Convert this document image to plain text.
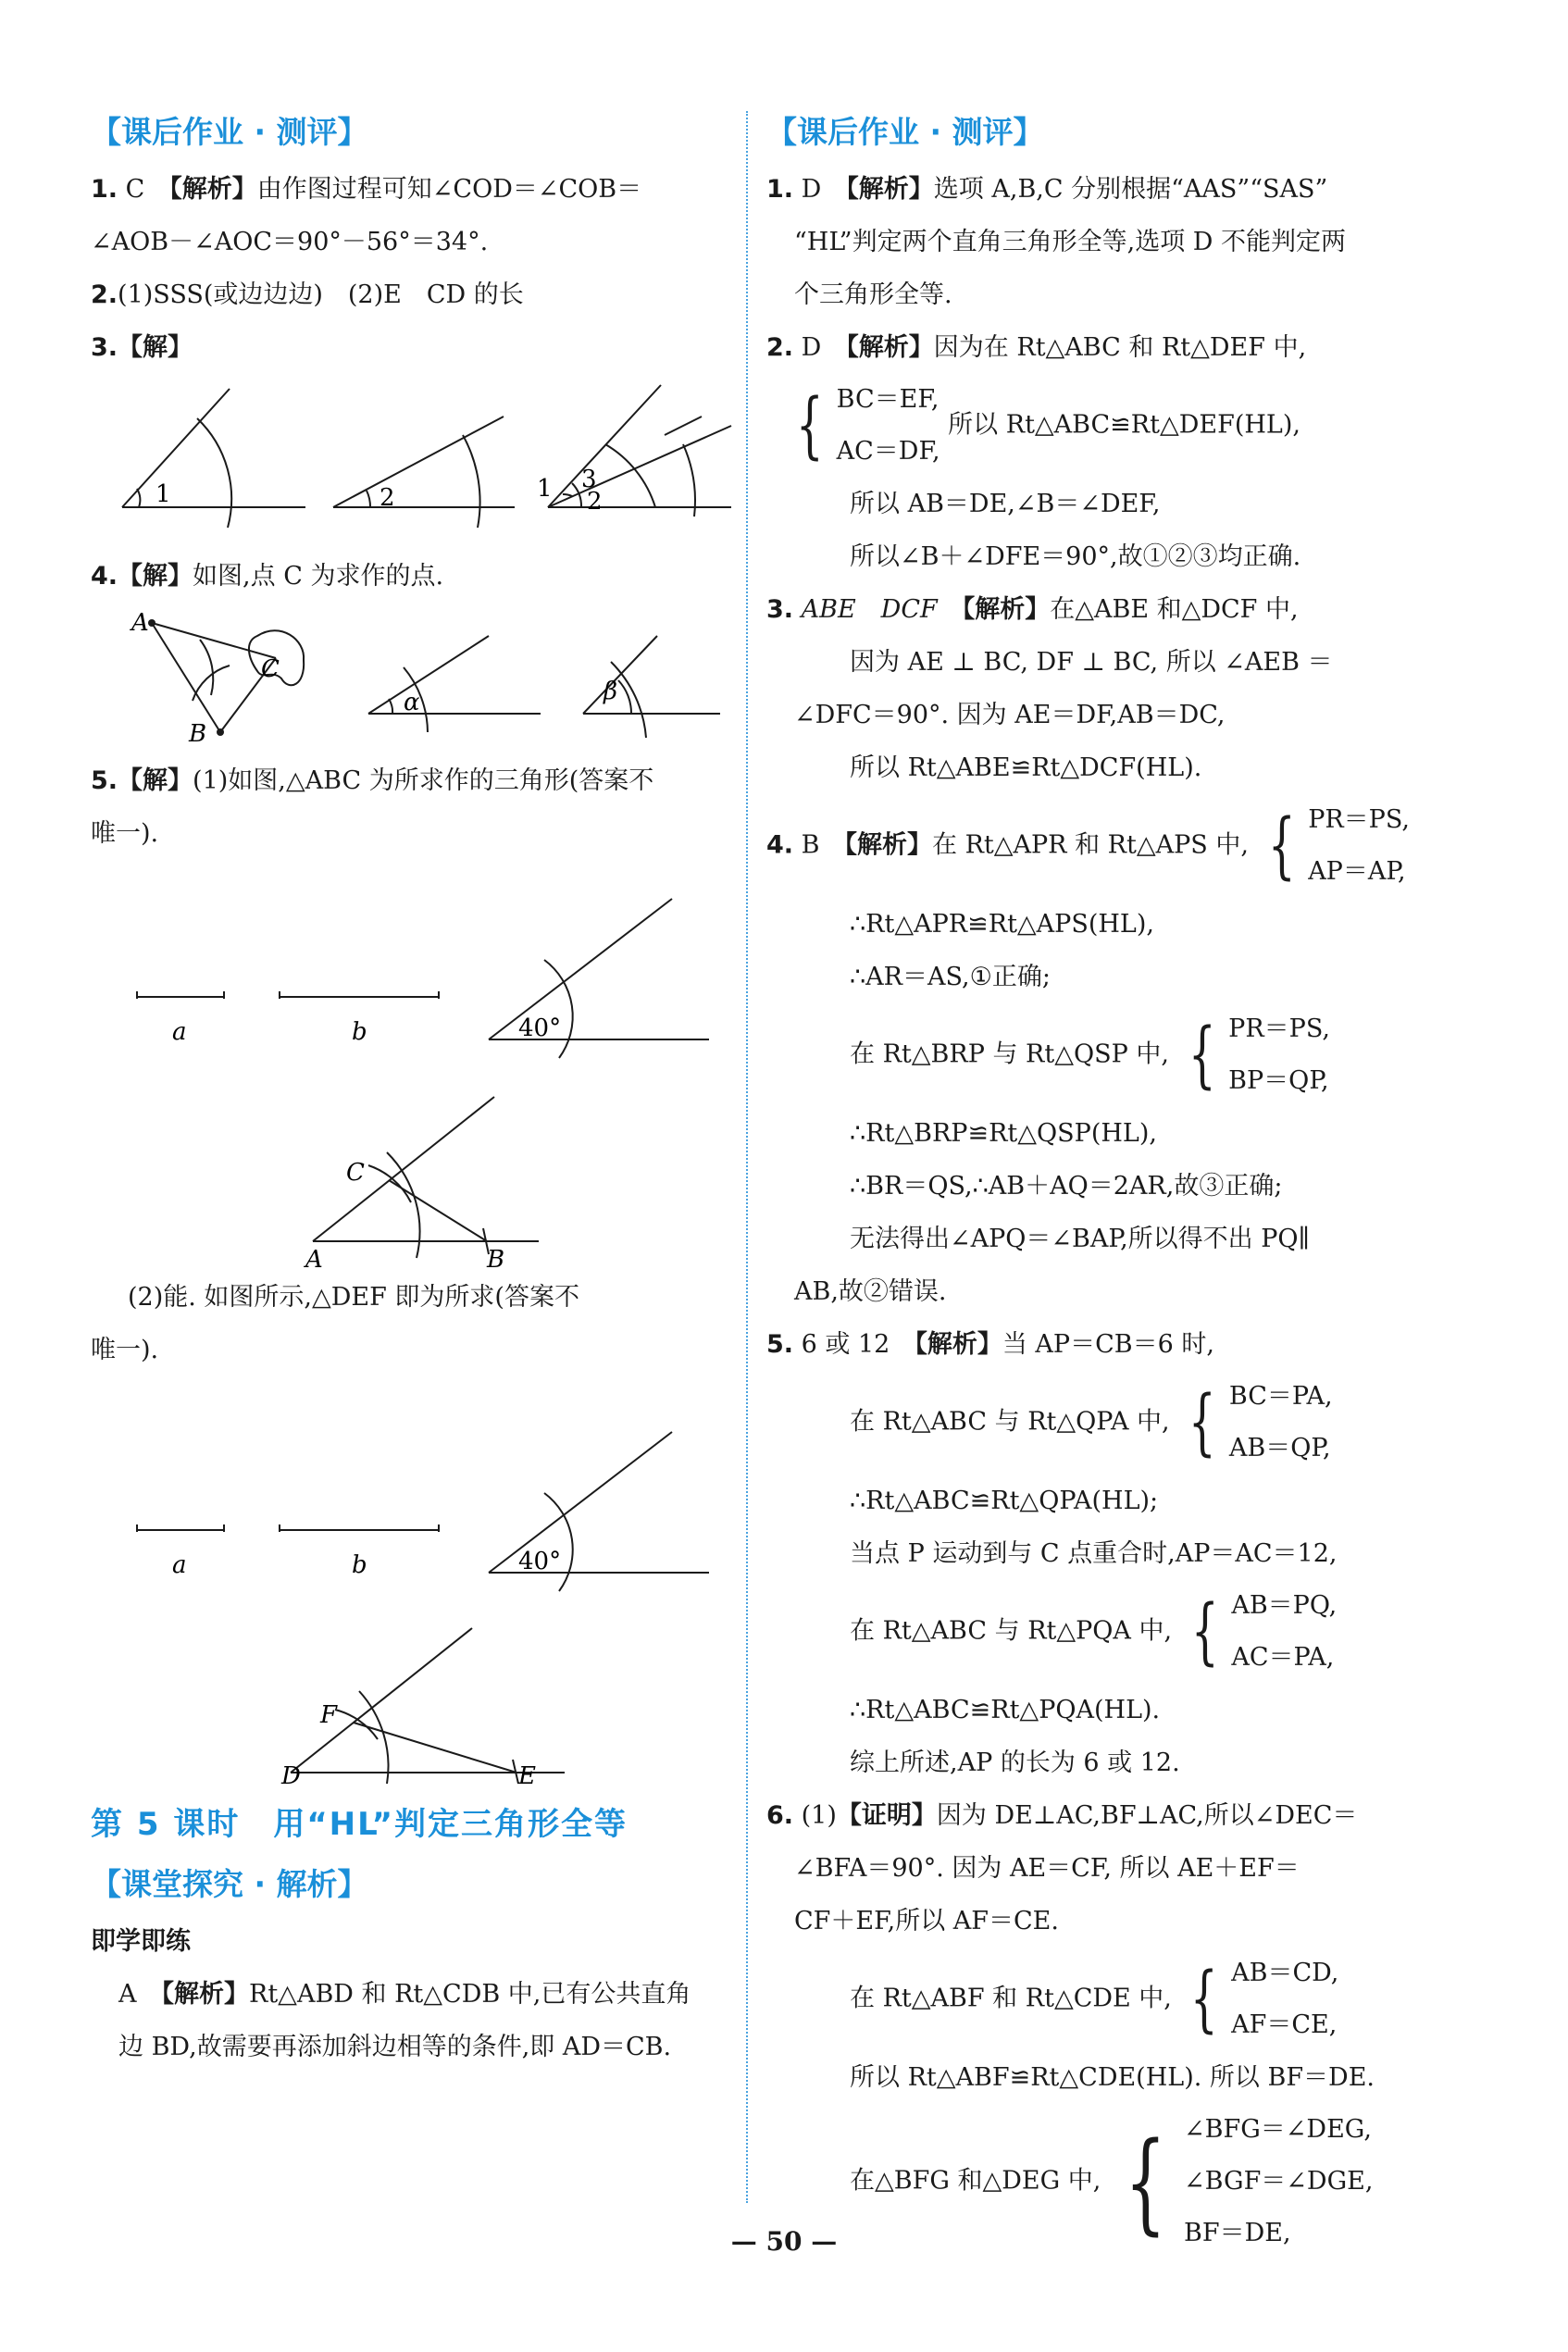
【课后作业 · 测评】
1. C　【解析】由作图过程可知∠COD＝∠COB＝
∠AOB－∠AOC＝90°－56°＝34°.
2.(1)SSS(或边边边)　(2)E　CD 的长
3.【解】
1	2	1 3
2
4.【解】如图,点 C 为求作的点.
A
B
C
α	β
5.【解】(1)如图,△ABC 为所求作的三角形(答案不
唯一).
a	b	40°
C
A	B
(2)能. 如图所示,△DEF 即为所求(答案不
唯一).
a	b	40°
F
D	E
第 5 课时　用“HL”判定三角形全等
【课堂探究 · 解析】
即学即练
A　【解析】Rt△ABD 和 Rt△CDB 中,已有公共直角
边 BD,故需要再添加斜边相等的条件,即 AD＝CB.
【课后作业 · 测评】
1. D　【解析】选项 A,B,C 分别根据“AAS”“SAS”
“HL”判定两个直角三角形全等,选项 D 不能判定两
个三角形全等.
2. D　【解析】因为在 Rt△ABC 和 Rt△DEF 中,
{ BC＝EF,
AC＝DF,
所以 Rt△ABC≌Rt△DEF(HL),
所以 AB＝DE,∠B＝∠DEF,
所以∠B＋∠DFE＝90°,故①②③均正确.
3. ABE　DCF　【解析】在△ABE 和△DCF 中,
因为 AE ⊥ BC, DF ⊥ BC, 所以 ∠AEB ＝
∠DFC＝90°. 因为 AE＝DF,AB＝DC,
所以 Rt△ABE≌Rt△DCF(HL).
4. B　【解析】在 Rt△APR 和 Rt△APS 中, { PR＝PS,
AP＝AP,
∴Rt△APR≌Rt△APS(HL),
∴AR＝AS,①正确;
在 Rt△BRP 与 Rt△QSP 中, { PR＝PS,
BP＝QP,
∴Rt△BRP≌Rt△QSP(HL),
∴BR＝QS,∴AB＋AQ＝2AR,故③正确;
无法得出∠APQ＝∠BAP,所以得不出 PQ∥
AB,故②错误.
5. 6 或 12　【解析】当 AP＝CB＝6 时,
在 Rt△ABC 与 Rt△QPA 中, { BC＝PA,
AB＝QP,
∴Rt△ABC≌Rt△QPA(HL);
当点 P 运动到与 C 点重合时,AP＝AC＝12,
在 Rt△ABC 与 Rt△PQA 中, { AB＝PQ,
AC＝PA,
∴Rt△ABC≌Rt△PQA(HL).
综上所述,AP 的长为 6 或 12.
6. (1)【证明】因为 DE⊥AC,BF⊥AC,所以∠DEC＝
∠BFA＝90°. 因为 AE＝CF, 所以 AE＋EF＝
CF＋EF,所以 AF＝CE.
在 Rt△ABF 和 Rt△CDE 中, { AB＝CD,
AF＝CE,
所以 Rt△ABF≌Rt△CDE(HL). 所以 BF＝DE.
在△BFG 和△DEG 中, { ∠BFG＝∠DEG,
∠BGF＝∠DGE,
BF＝DE,
— 50 —
